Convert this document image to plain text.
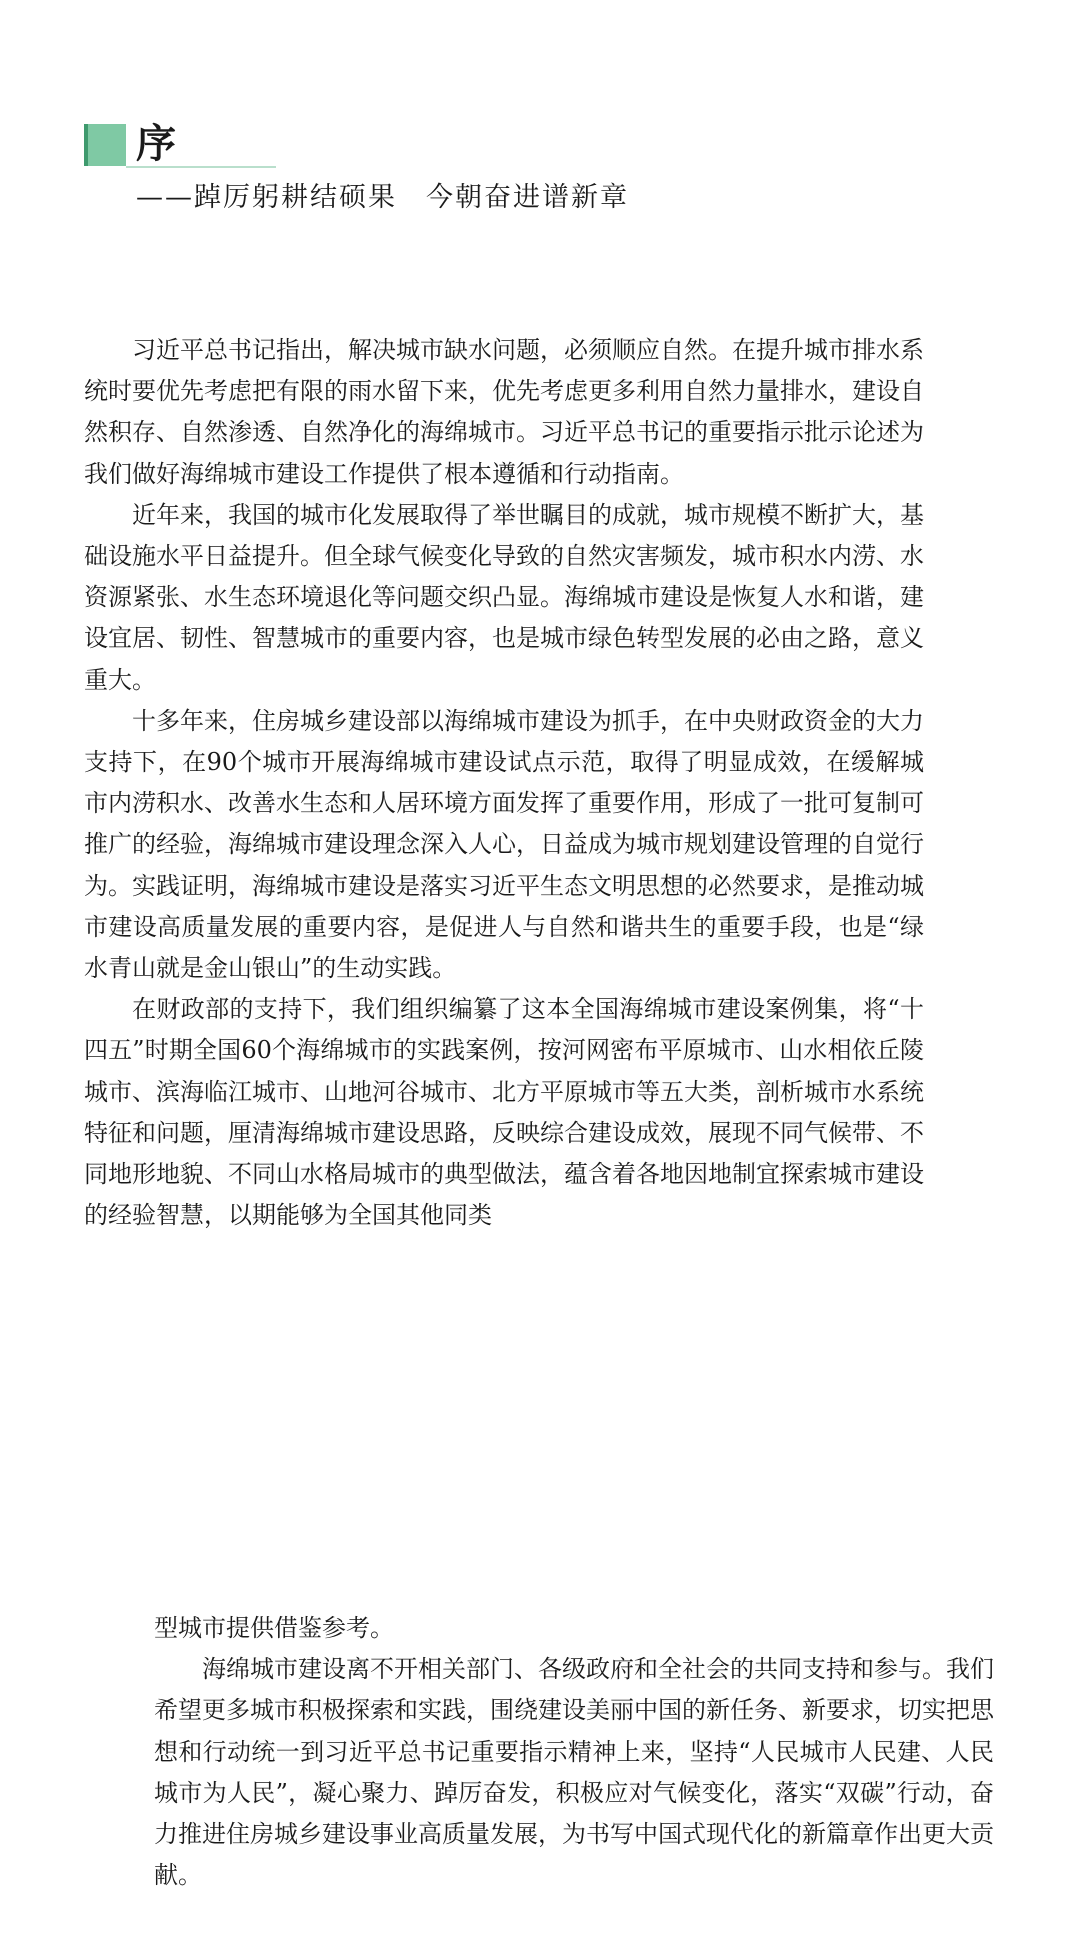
序
——踔厉躬耕结硕果　今朝奋进谱新章

习近平总书记指出，解决城市缺水问题，必须顺应自然。在提升城市排水系统时要优先考虑把有限的雨水留下来，优先考虑更多利用自然力量排水，建设自然积存、自然渗透、自然净化的海绵城市。习近平总书记的重要指示批示论述为我们做好海绵城市建设工作提供了根本遵循和行动指南。

近年来，我国的城市化发展取得了举世瞩目的成就，城市规模不断扩大，基础设施水平日益提升。但全球气候变化导致的自然灾害频发，城市积水内涝、水资源紧张、水生态环境退化等问题交织凸显。海绵城市建设是恢复人水和谐，建设宜居、韧性、智慧城市的重要内容，也是城市绿色转型发展的必由之路，意义重大。

十多年来，住房城乡建设部以海绵城市建设为抓手，在中央财政资金的大力支持下，在90个城市开展海绵城市建设试点示范，取得了明显成效，在缓解城市内涝积水、改善水生态和人居环境方面发挥了重要作用，形成了一批可复制可推广的经验，海绵城市建设理念深入人心，日益成为城市规划建设管理的自觉行为。实践证明，海绵城市建设是落实习近平生态文明思想的必然要求，是推动城市建设高质量发展的重要内容，是促进人与自然和谐共生的重要手段，也是“绿水青山就是金山银山”的生动实践。

在财政部的支持下，我们组织编纂了这本全国海绵城市建设案例集，将“十四五”时期全国60个海绵城市的实践案例，按河网密布平原城市、山水相依丘陵城市、滨海临江城市、山地河谷城市、北方平原城市等五大类，剖析城市水系统特征和问题，厘清海绵城市建设思路，反映综合建设成效，展现不同气候带、不同地形地貌、不同山水格局城市的典型做法，蕴含着各地因地制宜探索城市建设的经验智慧，以期能够为全国其他同类

型城市提供借鉴参考。

海绵城市建设离不开相关部门、各级政府和全社会的共同支持和参与。我们希望更多城市积极探索和实践，围绕建设美丽中国的新任务、新要求，切实把思想和行动统一到习近平总书记重要指示精神上来，坚持“人民城市人民建、人民城市为人民”，凝心聚力、踔厉奋发，积极应对气候变化，落实“双碳”行动，奋力推进住房城乡建设事业高质量发展，为书写中国式现代化的新篇章作出更大贡献。
